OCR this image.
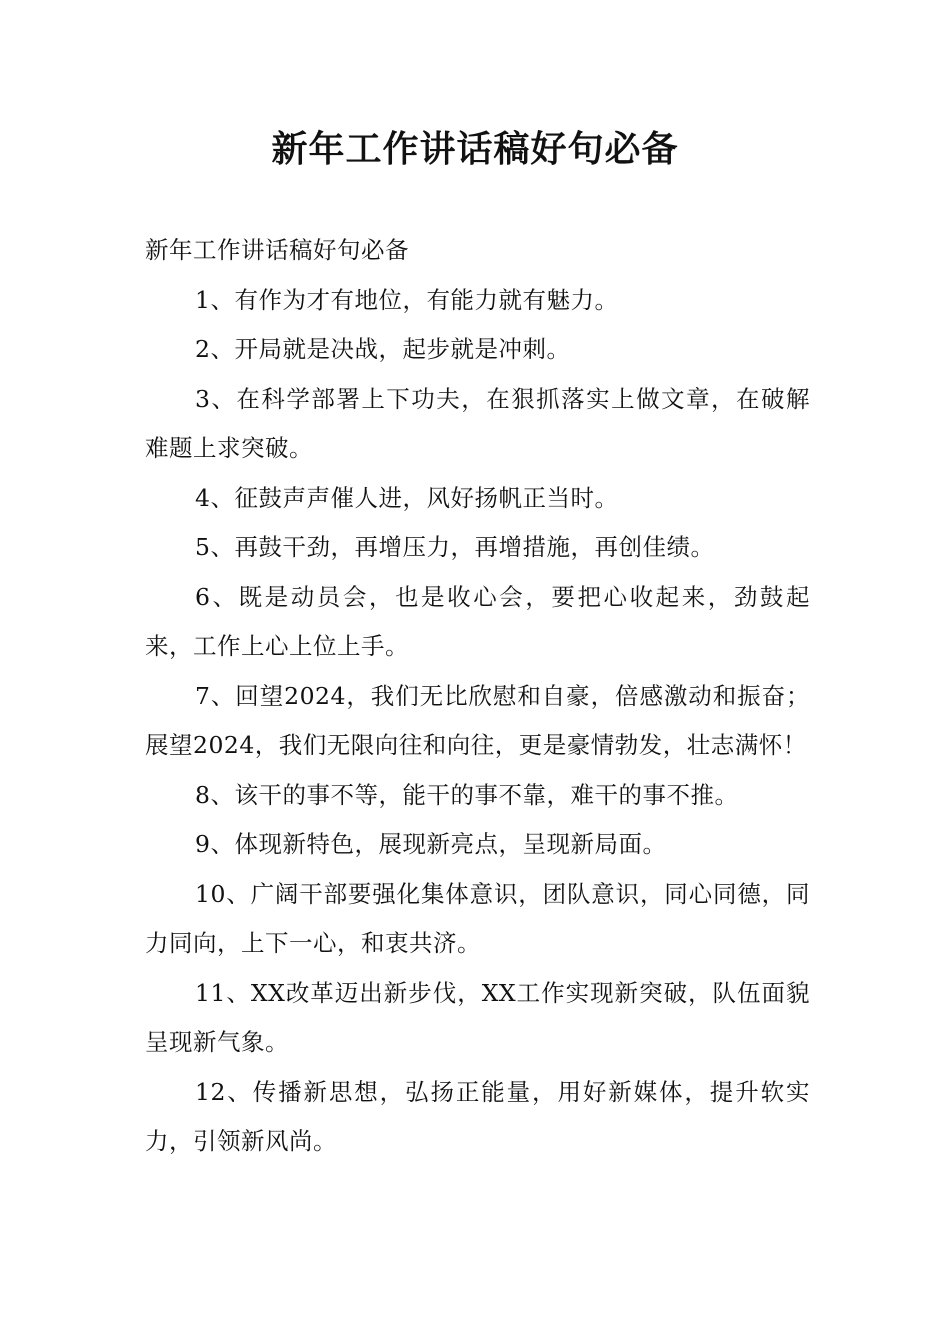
新年工作讲话稿好句必备

新年工作讲话稿好句必备

1、有作为才有地位，有能力就有魅力。

2、开局就是决战，起步就是冲刺。

3、在科学部署上下功夫，在狠抓落实上做文章，在破解难题上求突破。

4、征鼓声声催人进，风好扬帆正当时。

5、再鼓干劲，再增压力，再增措施，再创佳绩。

6、既是动员会，也是收心会，要把心收起来，劲鼓起来，工作上心上位上手。

7、回望2024，我们无比欣慰和自豪，倍感激动和振奋；展望2024，我们无限向往和向往，更是豪情勃发，壮志满怀！

8、该干的事不等，能干的事不靠，难干的事不推。

9、体现新特色，展现新亮点，呈现新局面。

10、广阔干部要强化集体意识，团队意识，同心同德，同力同向，上下一心，和衷共济。

11、XX改革迈出新步伐，XX工作实现新突破，队伍面貌呈现新气象。

12、传播新思想，弘扬正能量，用好新媒体，提升软实力，引领新风尚。
